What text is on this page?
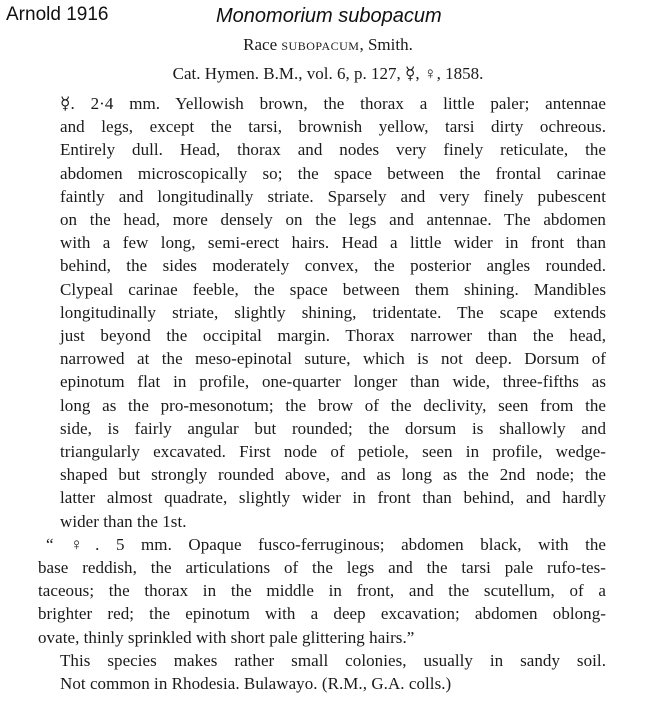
Arnold 1916	Monomorium subopacum
Race subopacum, Smith.
Cat. Hymen. B.M., vol. 6, p. 127, ☿, ♀, 1858.

☿. 2·4 mm. Yellowish brown, the thorax a little paler; antennae
and legs, except the tarsi, brownish yellow, tarsi dirty ochreous.
Entirely dull. Head, thorax and nodes very finely reticulate, the
abdomen microscopically so; the space between the frontal carinae
faintly and longitudinally striate. Sparsely and very finely pubescent
on the head, more densely on the legs and antennae. The abdomen
with a few long, semi-erect hairs. Head a little wider in front than
behind, the sides moderately convex, the posterior angles rounded.
Clypeal carinae feeble, the space between them shining. Mandibles
longitudinally striate, slightly shining, tridentate. The scape extends
just beyond the occipital margin. Thorax narrower than the head,
narrowed at the meso-epinotal suture, which is not deep. Dorsum of
epinotum flat in profile, one-quarter longer than wide, three-fifths as
long as the pro-mesonotum; the brow of the declivity, seen from the
side, is fairly angular but rounded; the dorsum is shallowly and
triangularly excavated. First node of petiole, seen in profile, wedge-
shaped but strongly rounded above, and as long as the 2nd node; the
latter almost quadrate, slightly wider in front than behind, and hardly
wider than the 1st.

“ ♀. 5 mm. Opaque fusco-ferruginous; abdomen black, with the
base reddish, the articulations of the legs and the tarsi pale rufo-tes-
taceous; the thorax in the middle in front, and the scutellum, of a
brighter red; the epinotum with a deep excavation; abdomen oblong-
ovate, thinly sprinkled with short pale glittering hairs.”

This species makes rather small colonies, usually in sandy soil.
Not common in Rhodesia. Bulawayo. (R.M., G.A. colls.)
